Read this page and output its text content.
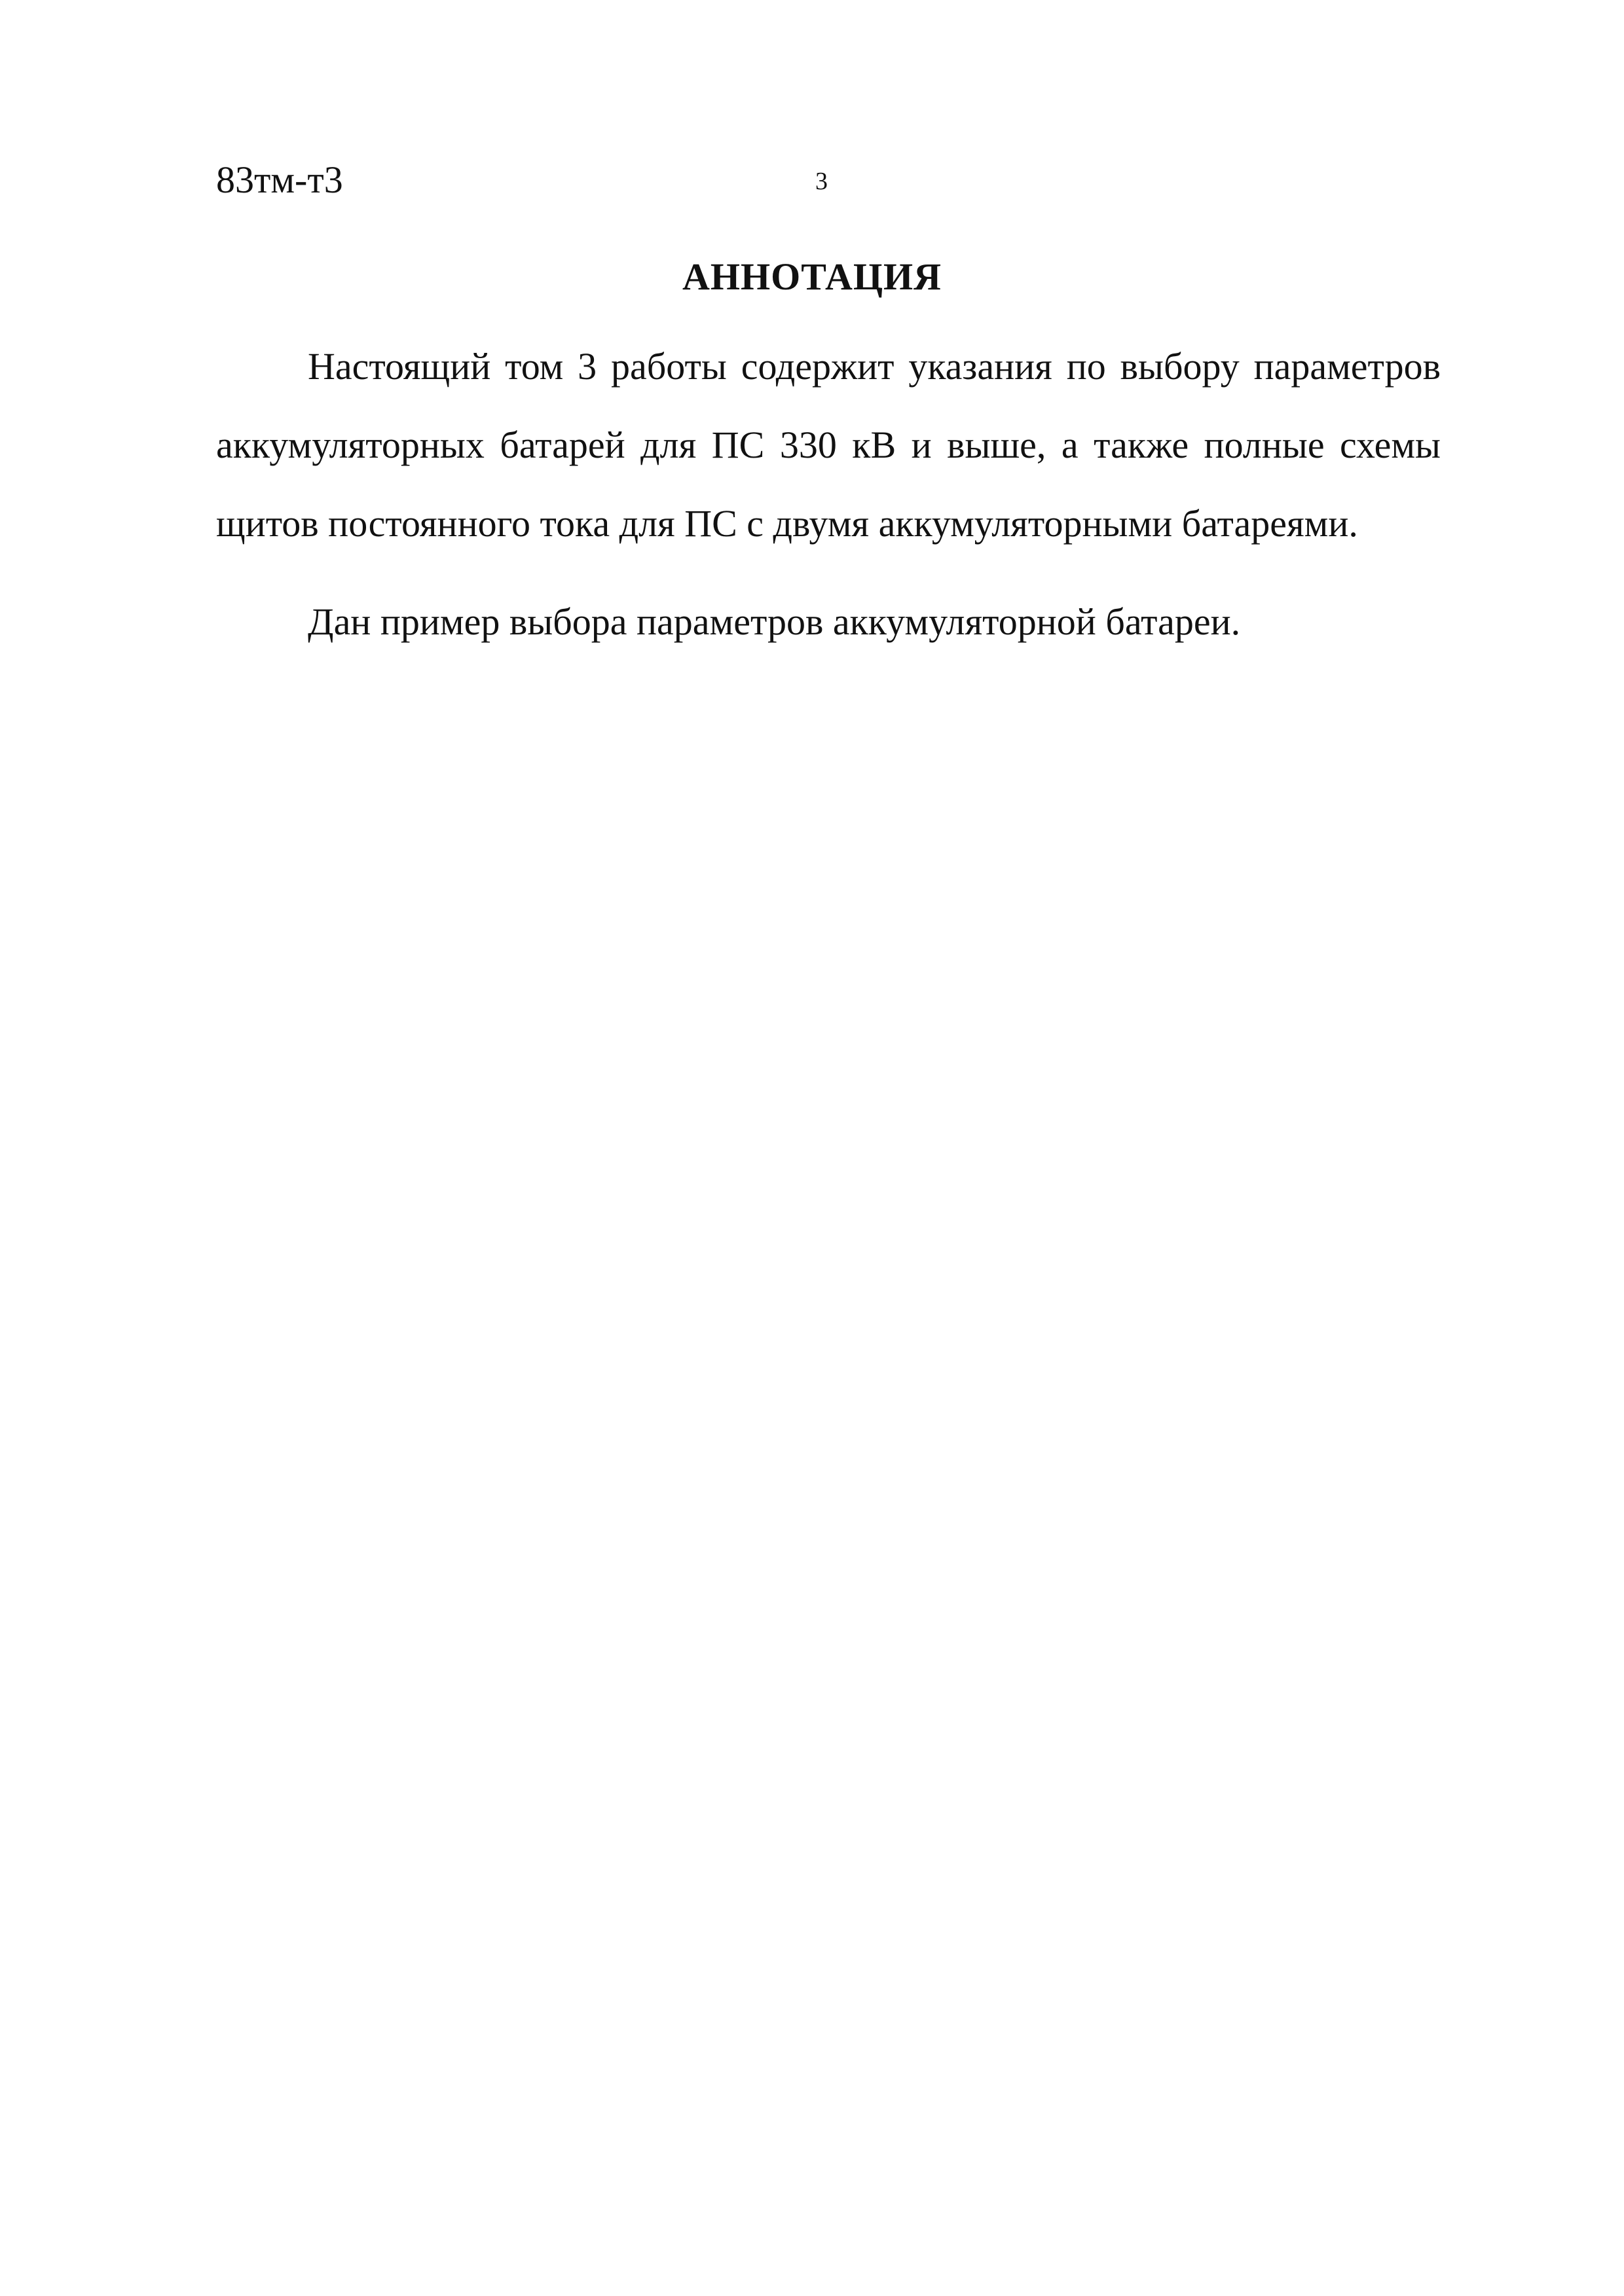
83тм-т3	3
АННОТАЦИЯ

Настоящий том 3 работы содержит указания по выбору параметров аккумуляторных батарей для ПС 330 кВ и выше, а также полные схемы щитов постоянного тока для ПС с двумя аккумуляторными батареями.

Дан пример выбора параметров аккумуляторной батареи.
